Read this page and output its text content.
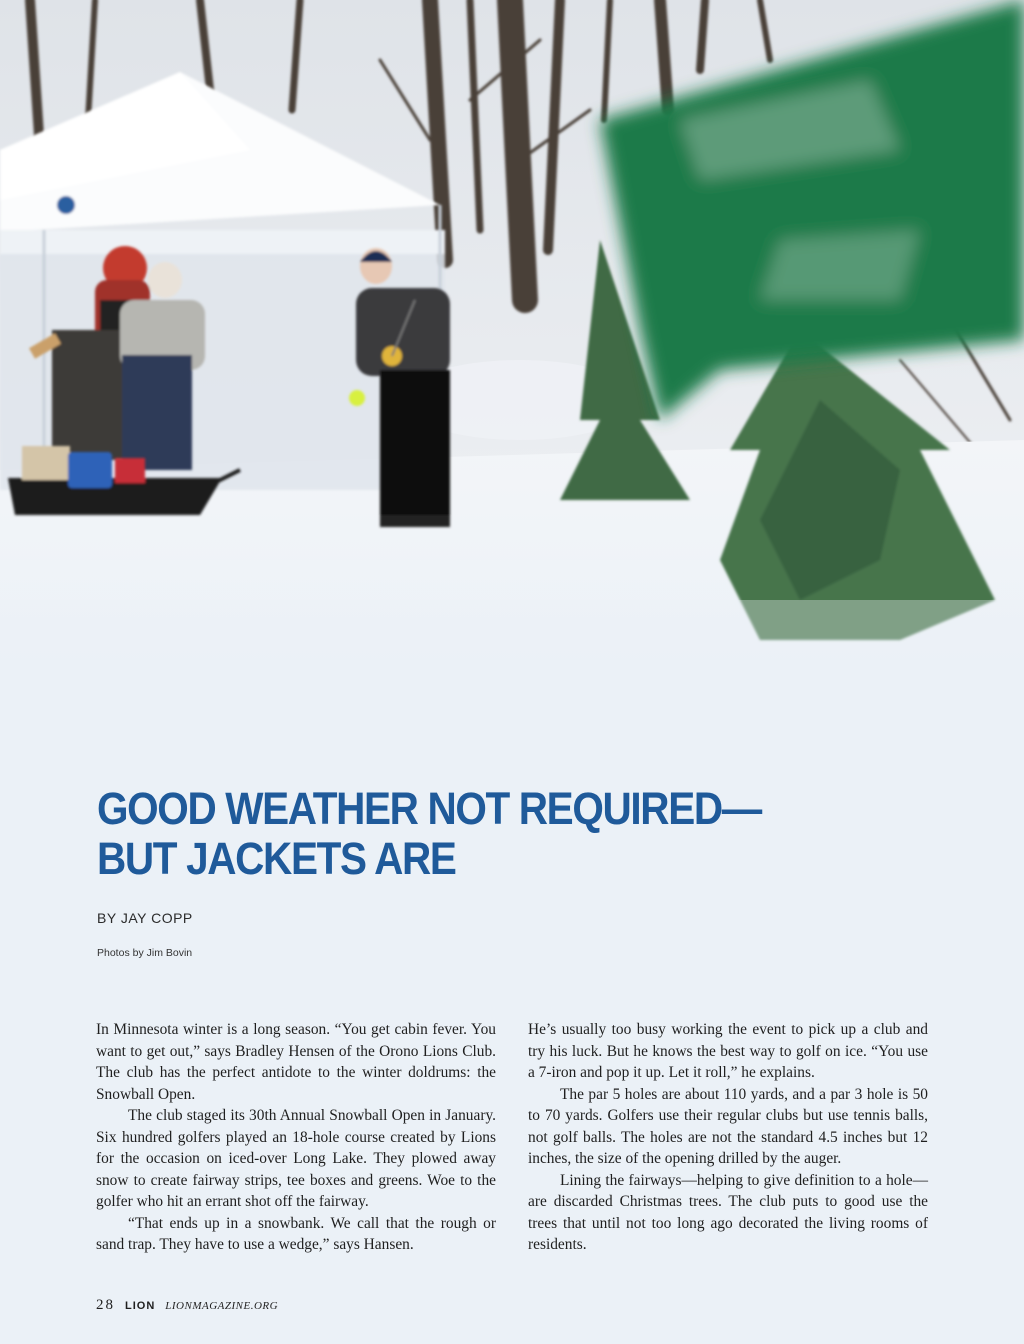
GOOD WEATHER NOT REQUIRED—
BUT JACKETS ARE
BY JAY COPP
Photos by Jim Bovin

In Minnesota winter is a long season. “You get cabin fever. You want to get out,” says Bradley Hensen of the Orono Lions Club. The club has the perfect antidote to the winter doldrums: the Snowball Open.

The club staged its 30th Annual Snowball Open in January. Six hundred golfers played an 18-hole course created by Lions for the occasion on iced-over Long Lake. They plowed away snow to create fairway strips, tee boxes and greens. Woe to the golfer who hit an errant shot off the fairway.

“That ends up in a snowbank. We call that the rough or sand trap. They have to use a wedge,” says Hansen.

He’s usually too busy working the event to pick up a club and try his luck. But he knows the best way to golf on ice. “You use a 7-iron and pop it up. Let it roll,” he explains.

The par 5 holes are about 110 yards, and a par 3 hole is 50 to 70 yards. Golfers use their regular clubs but use tennis balls, not golf balls. The holes are not the standard 4.5 inches but 12 inches, the size of the opening drilled by the auger.

Lining the fairways—helping to give definition to a hole—are discarded Christmas trees. The club puts to good use the trees that until not too long ago decorated the living rooms of residents.

28 LION LIONMAGAZINE.ORG
